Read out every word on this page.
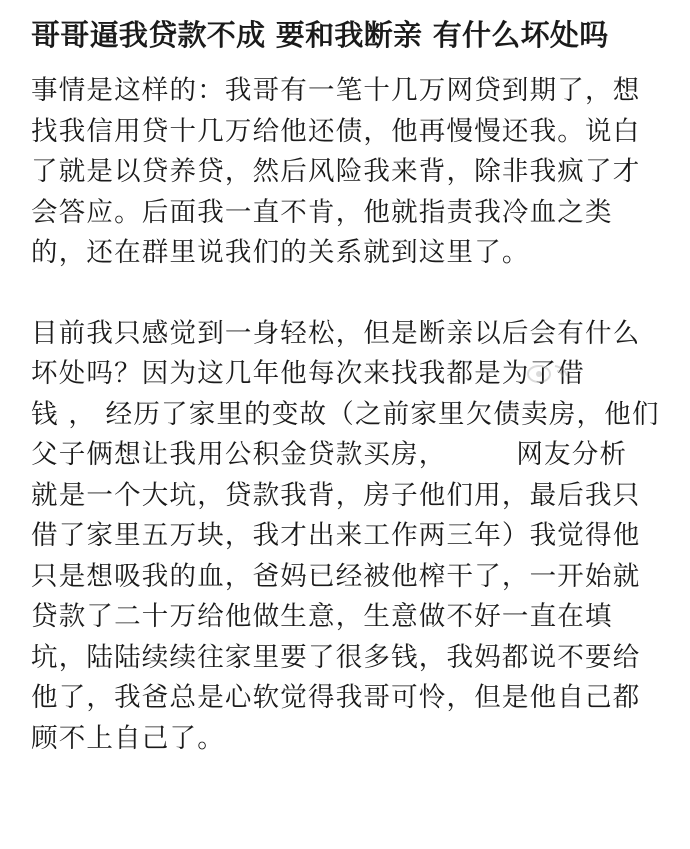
哥哥逼我贷款不成 要和我断亲 有什么坏处吗

事情是这样的：我哥有一笔十几万网贷到期了，想
找我信用贷十几万给他还债，他再慢慢还我。说白
了就是以贷养贷，然后风险我来背，除非我疯了才
会答应。后面我一直不肯，他就指责我冷血之类
的，还在群里说我们的关系就到这里了。

目前我只感觉到一身轻松，但是断亲以后会有什么
坏处吗？因为这几年他每次来找我都是为了借
钱 ， 经历了家里的变故（之前家里欠债卖房，他们
父子俩想让我用公积金贷款买房，　　　网友分析
就是一个大坑，贷款我背，房子他们用，最后我只
借了家里五万块，我才出来工作两三年）我觉得他
只是想吸我的血，爸妈已经被他榨干了，一开始就
贷款了二十万给他做生意，生意做不好一直在填
坑，陆陆续续往家里要了很多钱，我妈都说不要给
他了，我爸总是心软觉得我哥可怜，但是他自己都
顾不上自己了。
